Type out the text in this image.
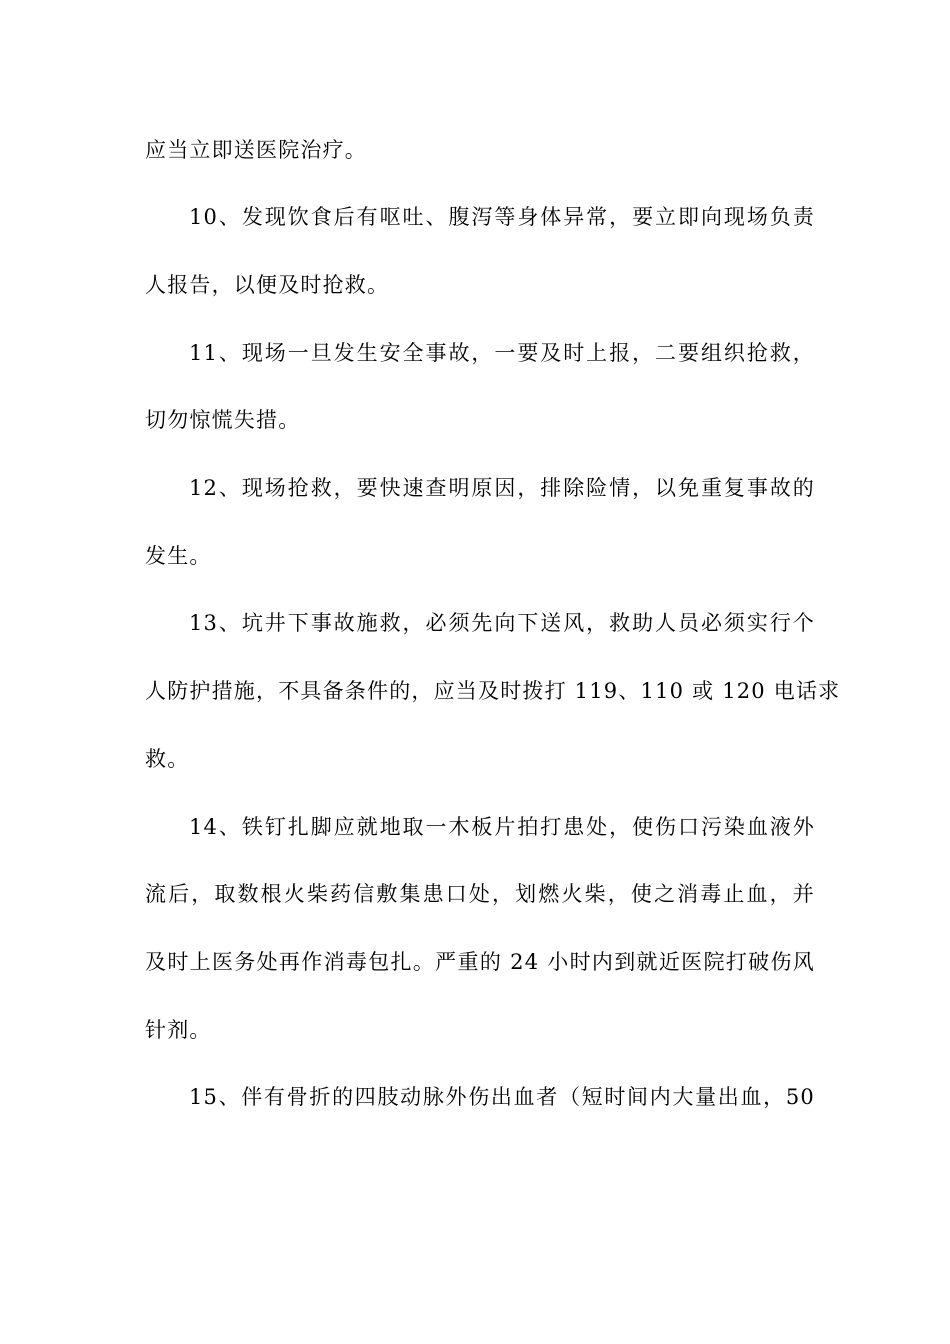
应当立即送医院治疗。
10、发现饮食后有呕吐、腹泻等身体异常，要立即向现场负责
人报告，以便及时抢救。
11、现场一旦发生安全事故，一要及时上报，二要组织抢救，
切勿惊慌失措。
12、现场抢救，要快速查明原因，排除险情，以免重复事故的
发生。
13、坑井下事故施救，必须先向下送风，救助人员必须实行个
人防护措施，不具备条件的，应当及时拨打 119、110 或 120 电话求
救。
14、铁钉扎脚应就地取一木板片拍打患处，使伤口污染血液外
流后，取数根火柴药信敷集患口处，划燃火柴，使之消毒止血，并
及时上医务处再作消毒包扎。严重的 24 小时内到就近医院打破伤风
针剂。
15、伴有骨折的四肢动脉外伤出血者（短时间内大量出血，50
